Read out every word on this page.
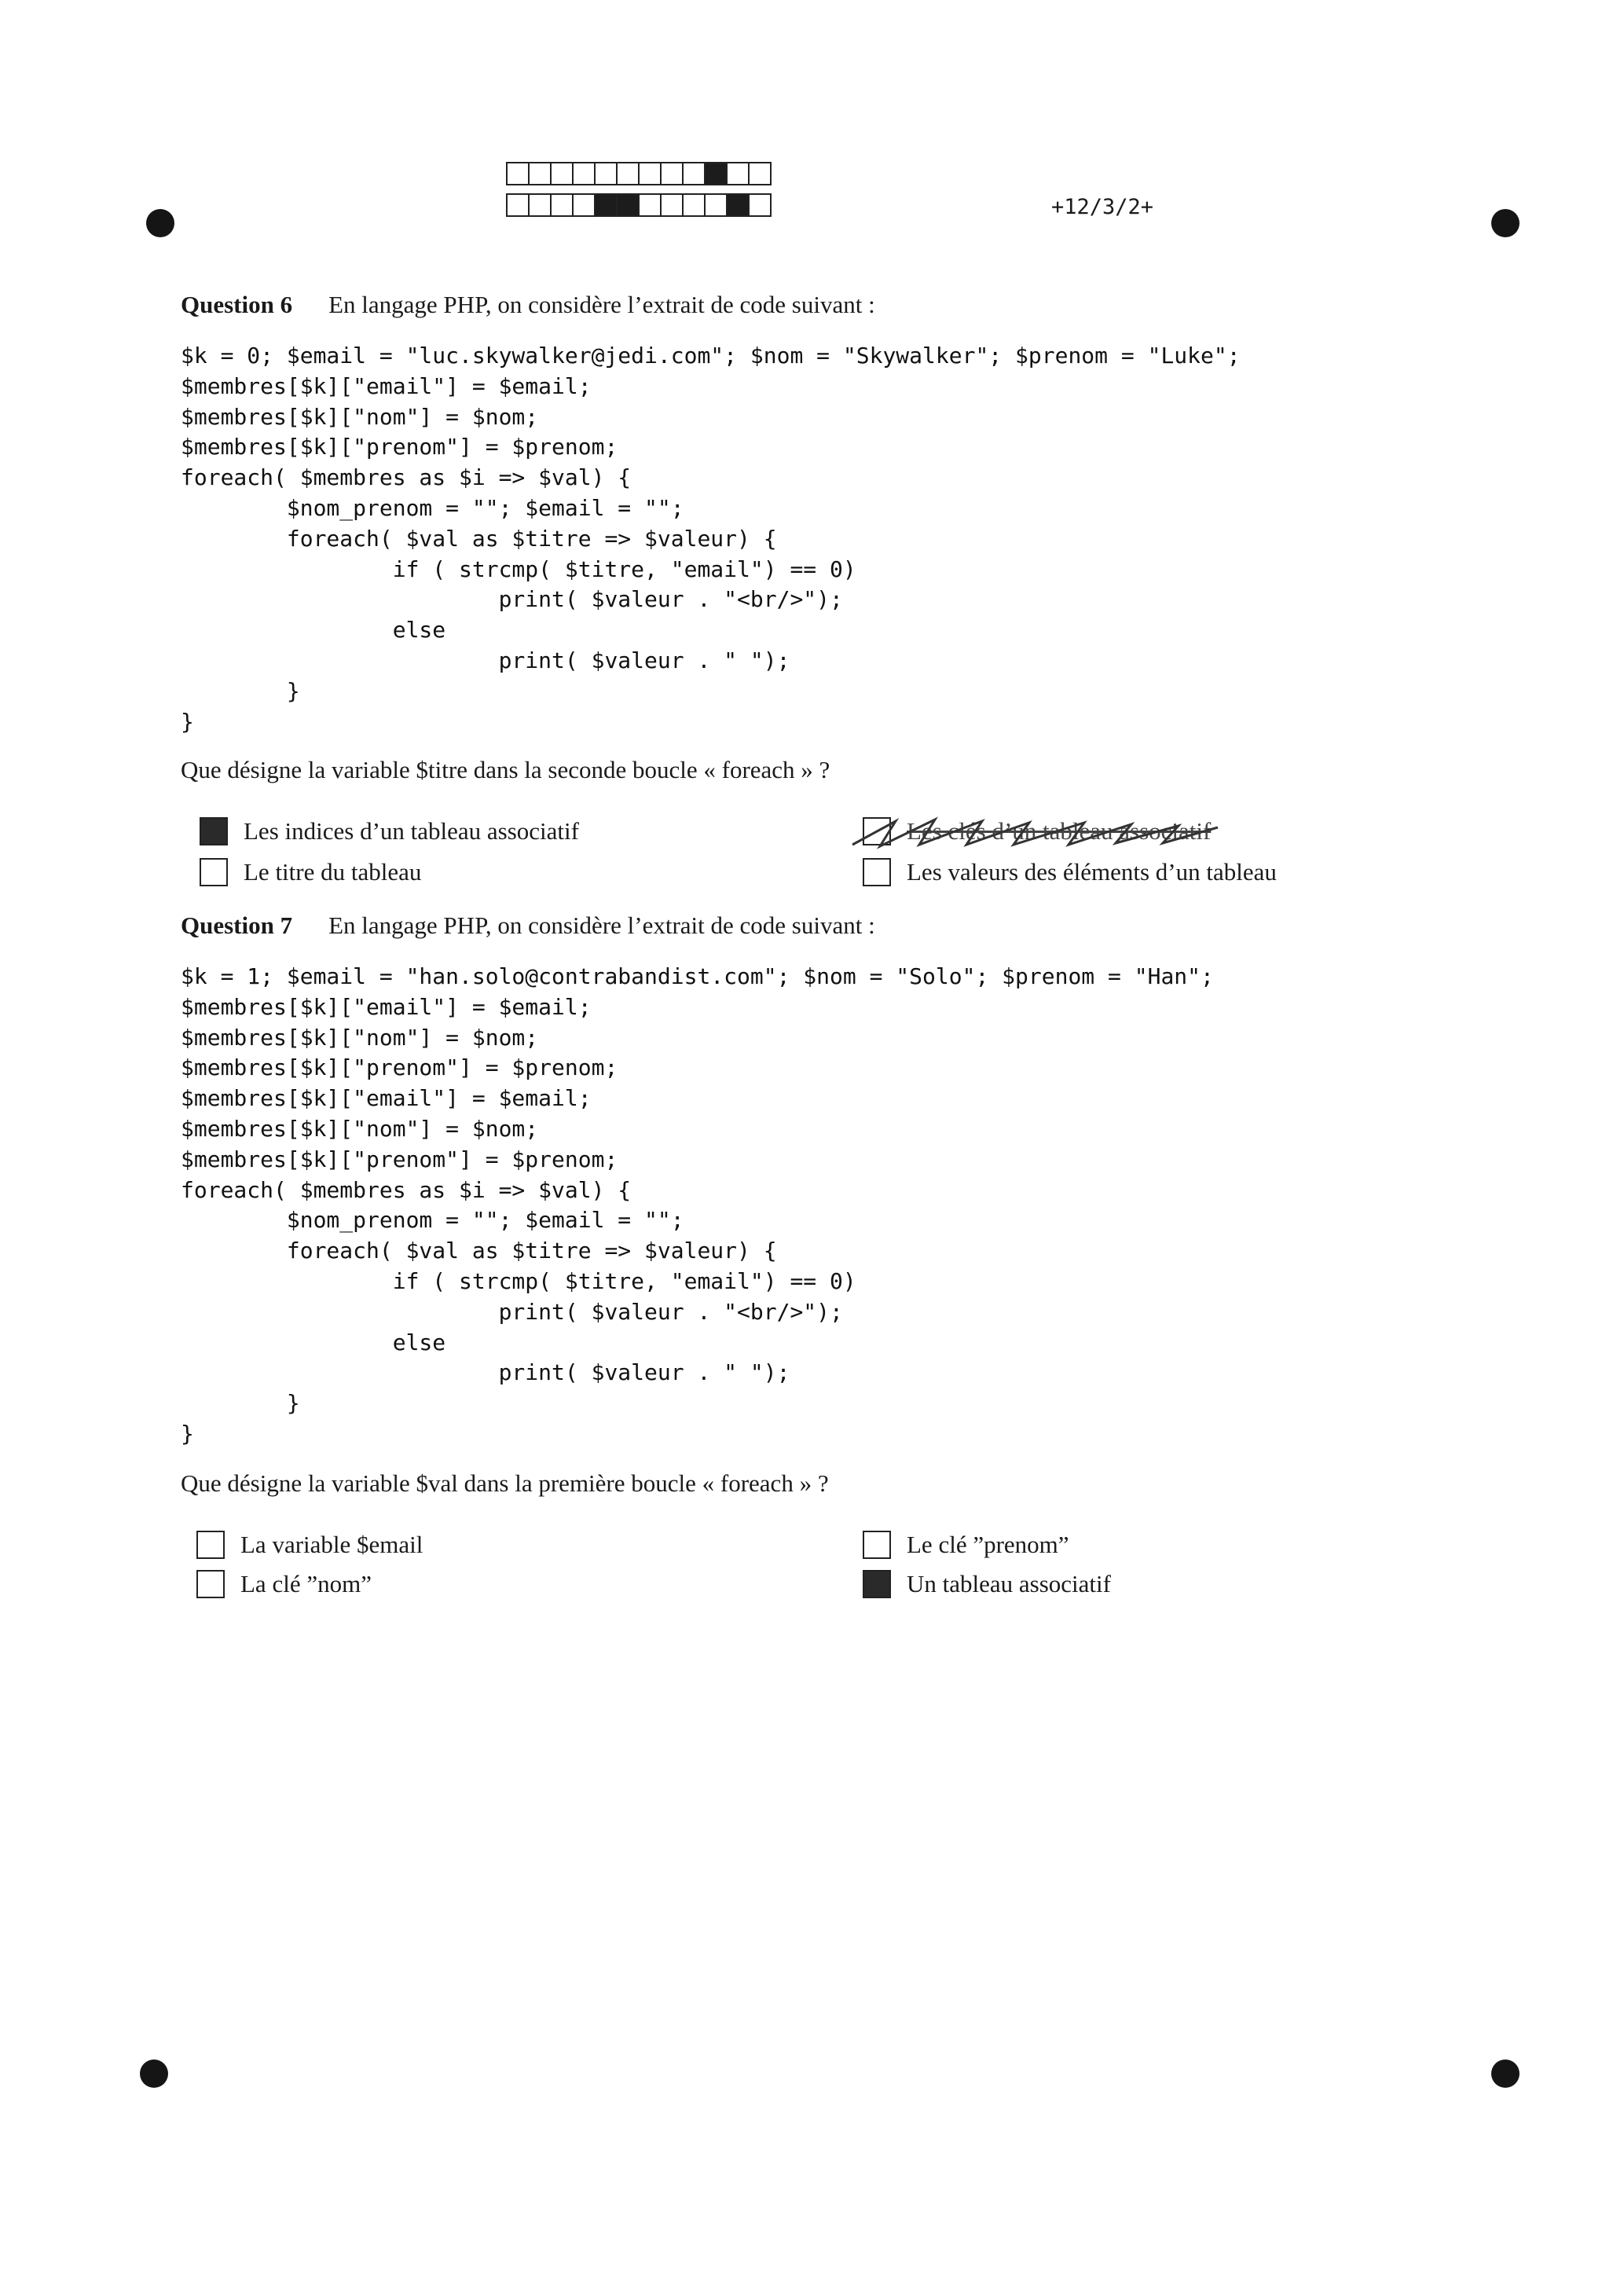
+12/3/2+
Question 6 En langage PHP, on considère l’extrait de code suivant :
$k = 0; $email = "luc.skywalker@jedi.com"; $nom = "Skywalker"; $prenom = "Luke";
$membres[$k]["email"] = $email;
$membres[$k]["nom"] = $nom;
$membres[$k]["prenom"] = $prenom;
foreach( $membres as $i => $val) {
$nom_prenom = ""; $email = "";
foreach( $val as $titre => $valeur) {
if ( strcmp( $titre, "email") == 0)
print( $valeur . "<br/>");
else
print( $valeur . " ");
}
}
Que désigne la variable $titre dans la seconde boucle « foreach » ?
Les indices d’un tableau associatif	Les clés d’un tableau associatif
Le titre du tableau	Les valeurs des éléments d’un tableau
Question 7 En langage PHP, on considère l’extrait de code suivant :
$k = 1; $email = "han.solo@contrabandist.com"; $nom = "Solo"; $prenom = "Han";
$membres[$k]["email"] = $email;
$membres[$k]["nom"] = $nom;
$membres[$k]["prenom"] = $prenom;
$membres[$k]["email"] = $email;
$membres[$k]["nom"] = $nom;
$membres[$k]["prenom"] = $prenom;
foreach( $membres as $i => $val) {
$nom_prenom = ""; $email = "";
foreach( $val as $titre => $valeur) {
if ( strcmp( $titre, "email") == 0)
print( $valeur . "<br/>");
else
print( $valeur . " ");
}
}
Que désigne la variable $val dans la première boucle « foreach » ?
La variable $email	Le clé ”prenom”
La clé ”nom”	Un tableau associatif
